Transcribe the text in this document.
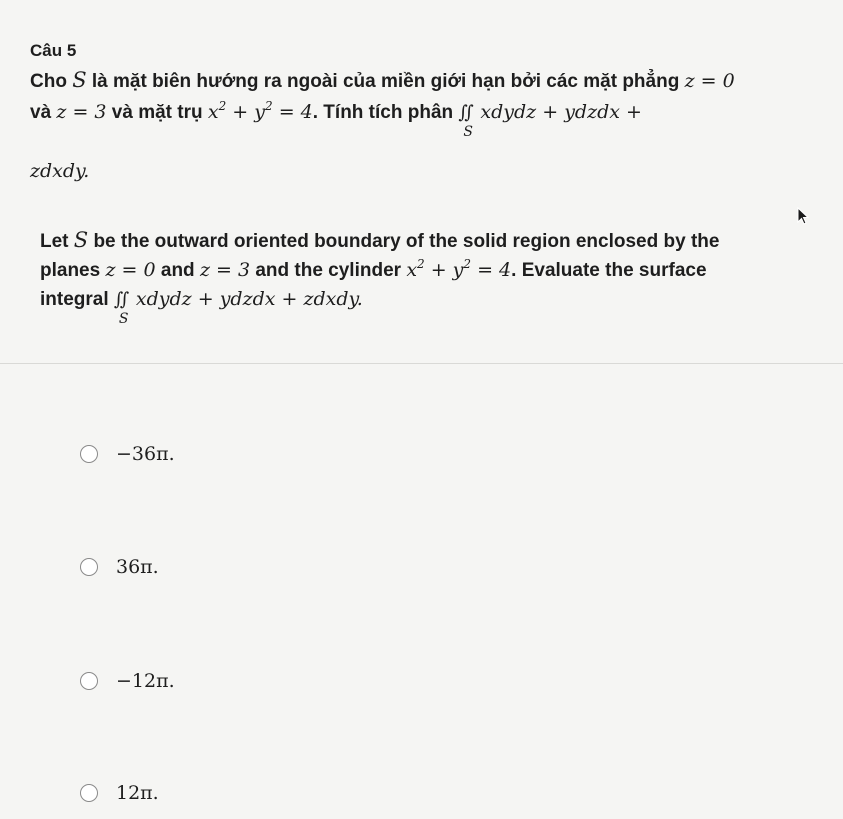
Câu 5
Cho S là mặt biên hướng ra ngoài của miền giới hạn bởi các mặt phẳng z = 0
và z = 3 và mặt trụ $x^2 + y^2 = 4$. Tính tích phân ∬
S
xdydz + ydzdx +
zdxdy.
Let S be the outward oriented boundary of the solid region enclosed by the
planes z = 0 and z = 3 and the cylinder $x^2 + y^2 = 4$. Evaluate the surface
integral ∬
S
xdydz + ydzdx + zdxdy.
−36π.
36π.
−12π.
12π.
